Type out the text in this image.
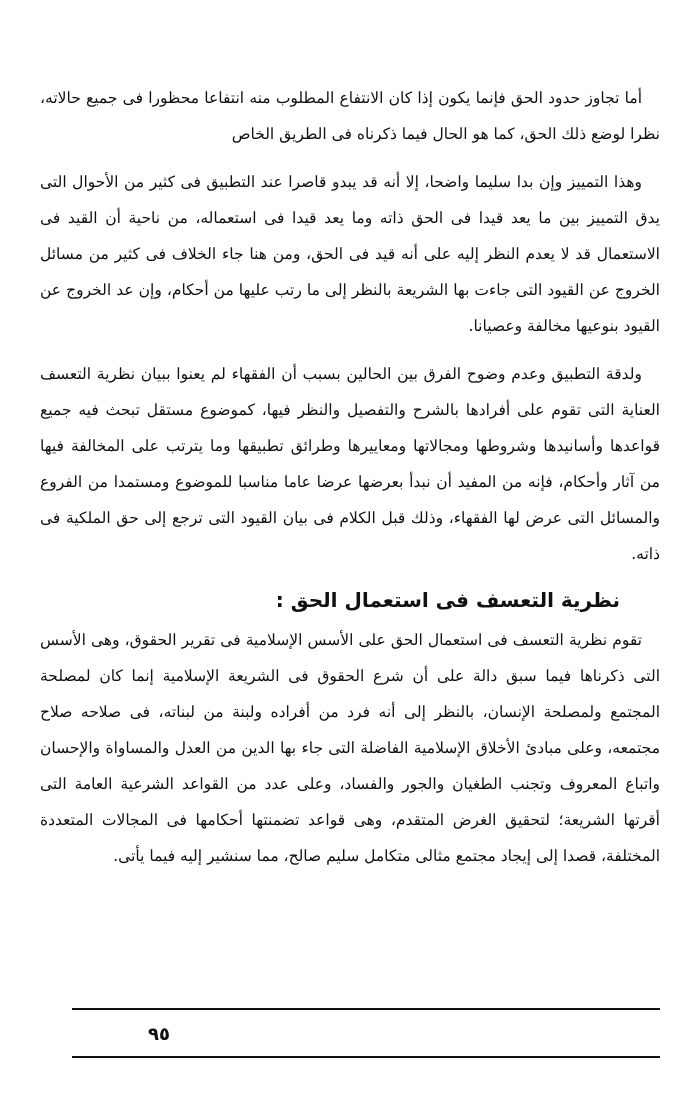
أما تجاوز حدود الحق فإنما يكون إذا كان الانتفاع المطلوب منه انتفاعا محظورا فى جميع حالاته، نظرا لوضع ذلك الحق، كما هو الحال فيما ذكرناه فى الطريق الخاص

وهذا التمييز وإن بدا سليما واضحا، إلا أنه قد يبدو قاصرا عند التطبيق فى كثير من الأحوال التى يدق التمييز بين ما يعد قيدا فى الحق ذاته وما يعد قيدا فى استعماله، من ناحية أن القيد فى الاستعمال قد لا يعدم النظر إليه على أنه قيد فى الحق، ومن هنا جاء الخلاف فى كثير من مسائل الخروج عن القيود التى جاءت بها الشريعة بالنظر إلى ما رتب عليها من أحكام، وإن عد الخروج عن القيود بنوعيها مخالفة وعصيانا.

ولدقة التطبيق وعدم وضوح الفرق بين الحالين بسبب أن الفقهاء لم يعنوا ببيان نظرية التعسف العناية التى تقوم على أفرادها بالشرح والتفصيل والنظر فيها، كموضوع مستقل تبحث فيه جميع قواعدها وأسانيدها وشروطها ومجالاتها ومعاييرها وطرائق تطبيقها وما يترتب على المخالفة فيها من آثار وأحكام، فإنه من المفيد أن نبدأ بعرضها عرضا عاما مناسبا للموضوع ومستمدا من الفروع والمسائل التى عرض لها الفقهاء، وذلك قبل الكلام فى بيان القيود التى ترجع إلى حق الملكية فى ذاته.

نظرية التعسف فى استعمال الحق :

تقوم نظرية التعسف فى استعمال الحق على الأسس الإسلامية فى تقرير الحقوق، وهى الأسس التى ذكرناها فيما سبق دالة على أن شرع الحقوق فى الشريعة الإسلامية إنما كان لمصلحة المجتمع ولمصلحة الإنسان، بالنظر إلى أنه فرد من أفراده ولبنة من لبناته، فى صلاحه صلاح مجتمعه، وعلى مبادئ الأخلاق الإسلامية الفاضلة التى جاء بها الدين من العدل والمساواة والإحسان واتباع المعروف وتجنب الطغيان والجور والفساد، وعلى عدد من القواعد الشرعية العامة التى أقرتها الشريعة؛ لتحقيق الغرض المتقدم، وهى قواعد تضمنتها أحكامها فى المجالات المتعددة المختلفة، قصدا إلى إيجاد مجتمع مثالى متكامل سليم صالح، مما سنشير إليه فيما يأتى.

٩٥
